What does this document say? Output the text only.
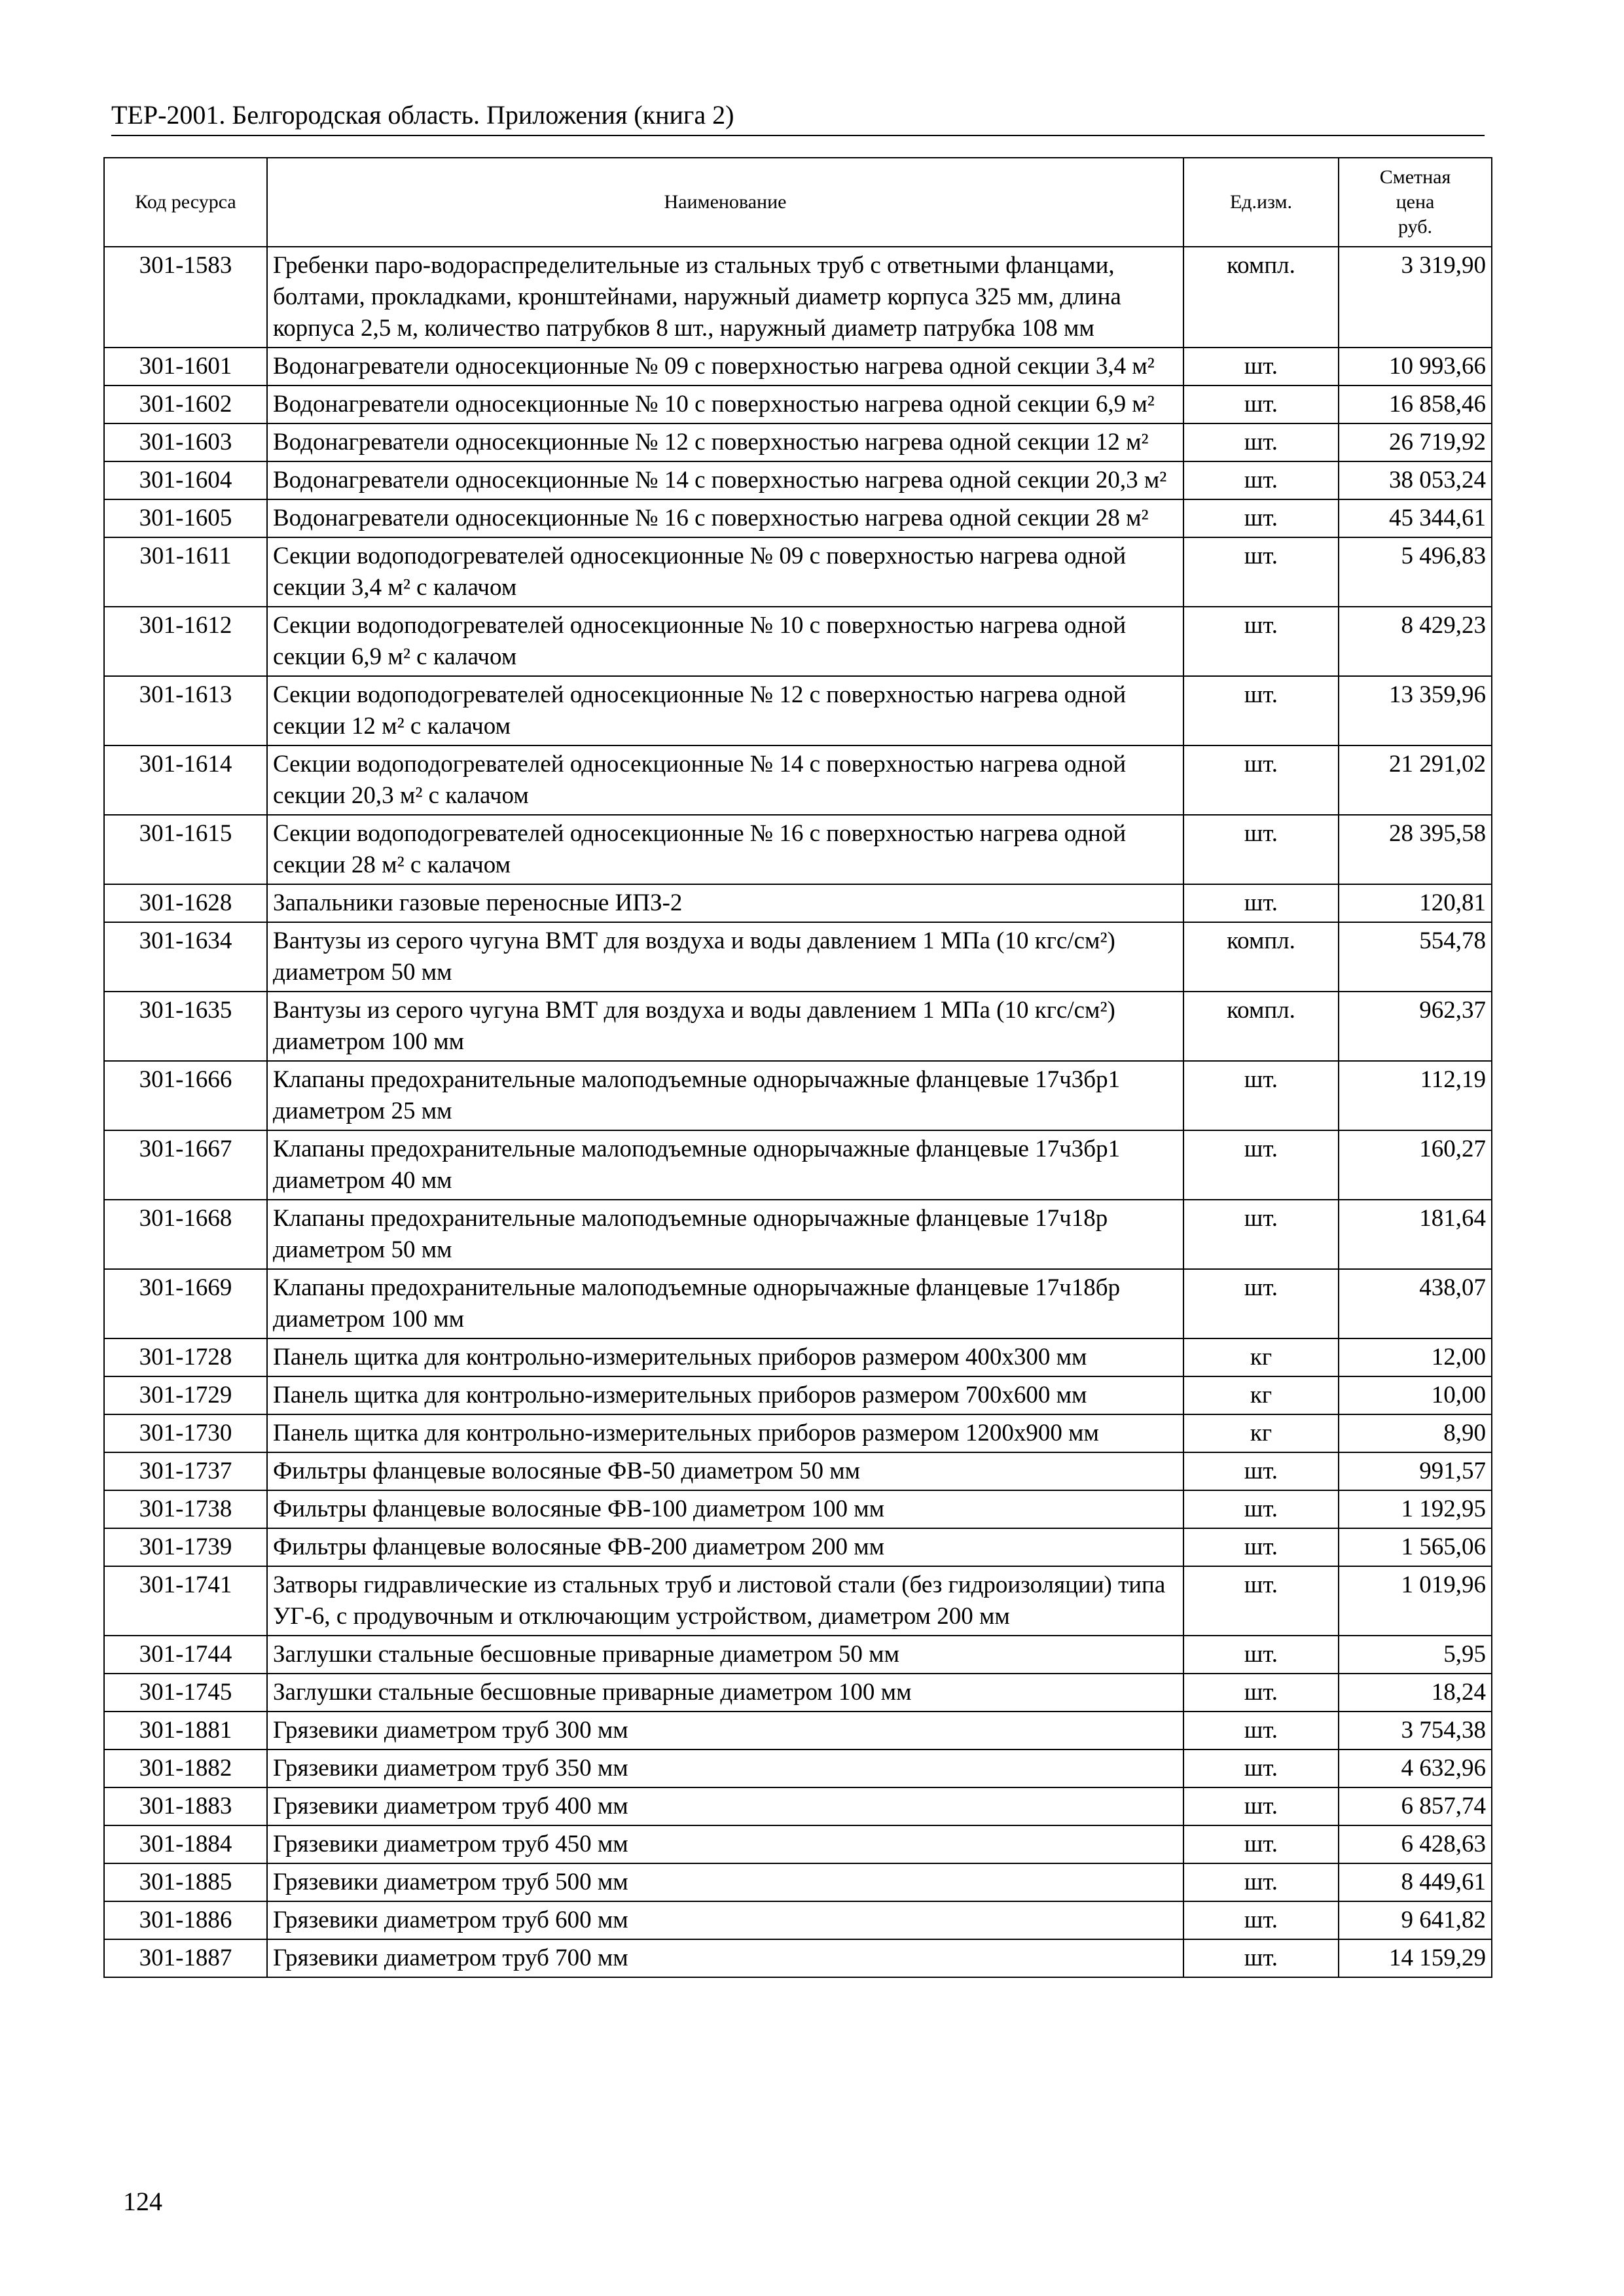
ТЕР-2001. Белгородская область. Приложения (книга 2)
Код ресурса	Наименование	Ед.изм.	Сметная
цена
руб.
301-1583	Гребенки паро-водораспределительные из стальных труб с ответными фланцами, болтами, прокладками, кронштейнами, наружный диаметр корпуса 325 мм, длина корпуса 2,5 м, количество патрубков 8 шт., наружный диаметр патрубка 108 мм	компл.	3 319,90
301-1601	Водонагреватели односекционные № 09 с поверхностью нагрева одной секции 3,4 м²	шт.	10 993,66
301-1602	Водонагреватели односекционные № 10 с поверхностью нагрева одной секции 6,9 м²	шт.	16 858,46
301-1603	Водонагреватели односекционные № 12 с поверхностью нагрева одной секции 12 м²	шт.	26 719,92
301-1604	Водонагреватели односекционные № 14 с поверхностью нагрева одной секции 20,3 м²	шт.	38 053,24
301-1605	Водонагреватели односекционные № 16 с поверхностью нагрева одной секции 28 м²	шт.	45 344,61
301-1611	Секции водоподогревателей односекционные № 09 с поверхностью нагрева одной секции 3,4 м² с калачом	шт.	5 496,83
301-1612	Секции водоподогревателей односекционные № 10 с поверхностью нагрева одной секции 6,9 м² с калачом	шт.	8 429,23
301-1613	Секции водоподогревателей односекционные № 12 с поверхностью нагрева одной секции 12 м² с калачом	шт.	13 359,96
301-1614	Секции водоподогревателей односекционные № 14 с поверхностью нагрева одной секции 20,3 м² с калачом	шт.	21 291,02
301-1615	Секции водоподогревателей односекционные № 16 с поверхностью нагрева одной секции 28 м² с калачом	шт.	28 395,58
301-1628	Запальники газовые переносные ИПЗ-2	шт.	120,81
301-1634	Вантузы из серого чугуна ВМТ для воздуха и воды давлением 1 МПа (10 кгс/см²) диаметром 50 мм	компл.	554,78
301-1635	Вантузы из серого чугуна ВМТ для воздуха и воды давлением 1 МПа (10 кгс/см²) диаметром 100 мм	компл.	962,37
301-1666	Клапаны предохранительные малоподъемные однорычажные фланцевые 17ч3бр1 диаметром 25 мм	шт.	112,19
301-1667	Клапаны предохранительные малоподъемные однорычажные фланцевые 17ч3бр1 диаметром 40 мм	шт.	160,27
301-1668	Клапаны предохранительные малоподъемные однорычажные фланцевые 17ч18р диаметром 50 мм	шт.	181,64
301-1669	Клапаны предохранительные малоподъемные однорычажные фланцевые 17ч18бр диаметром 100 мм	шт.	438,07
301-1728	Панель щитка для контрольно-измерительных приборов размером 400х300 мм	кг	12,00
301-1729	Панель щитка для контрольно-измерительных приборов размером 700х600 мм	кг	10,00
301-1730	Панель щитка для контрольно-измерительных приборов размером 1200х900 мм	кг	8,90
301-1737	Фильтры фланцевые волосяные ФВ-50 диаметром 50 мм	шт.	991,57
301-1738	Фильтры фланцевые волосяные ФВ-100 диаметром 100 мм	шт.	1 192,95
301-1739	Фильтры фланцевые волосяные ФВ-200 диаметром 200 мм	шт.	1 565,06
301-1741	Затворы гидравлические из стальных труб и листовой стали (без гидроизоляции) типа УГ-6, с продувочным и отключающим устройством, диаметром 200 мм	шт.	1 019,96
301-1744	Заглушки стальные бесшовные приварные диаметром 50 мм	шт.	5,95
301-1745	Заглушки стальные бесшовные приварные диаметром 100 мм	шт.	18,24
301-1881	Грязевики диаметром труб 300 мм	шт.	3 754,38
301-1882	Грязевики диаметром труб 350 мм	шт.	4 632,96
301-1883	Грязевики диаметром труб 400 мм	шт.	6 857,74
301-1884	Грязевики диаметром труб 450 мм	шт.	6 428,63
301-1885	Грязевики диаметром труб 500 мм	шт.	8 449,61
301-1886	Грязевики диаметром труб 600 мм	шт.	9 641,82
301-1887	Грязевики диаметром труб 700 мм	шт.	14 159,29
124
